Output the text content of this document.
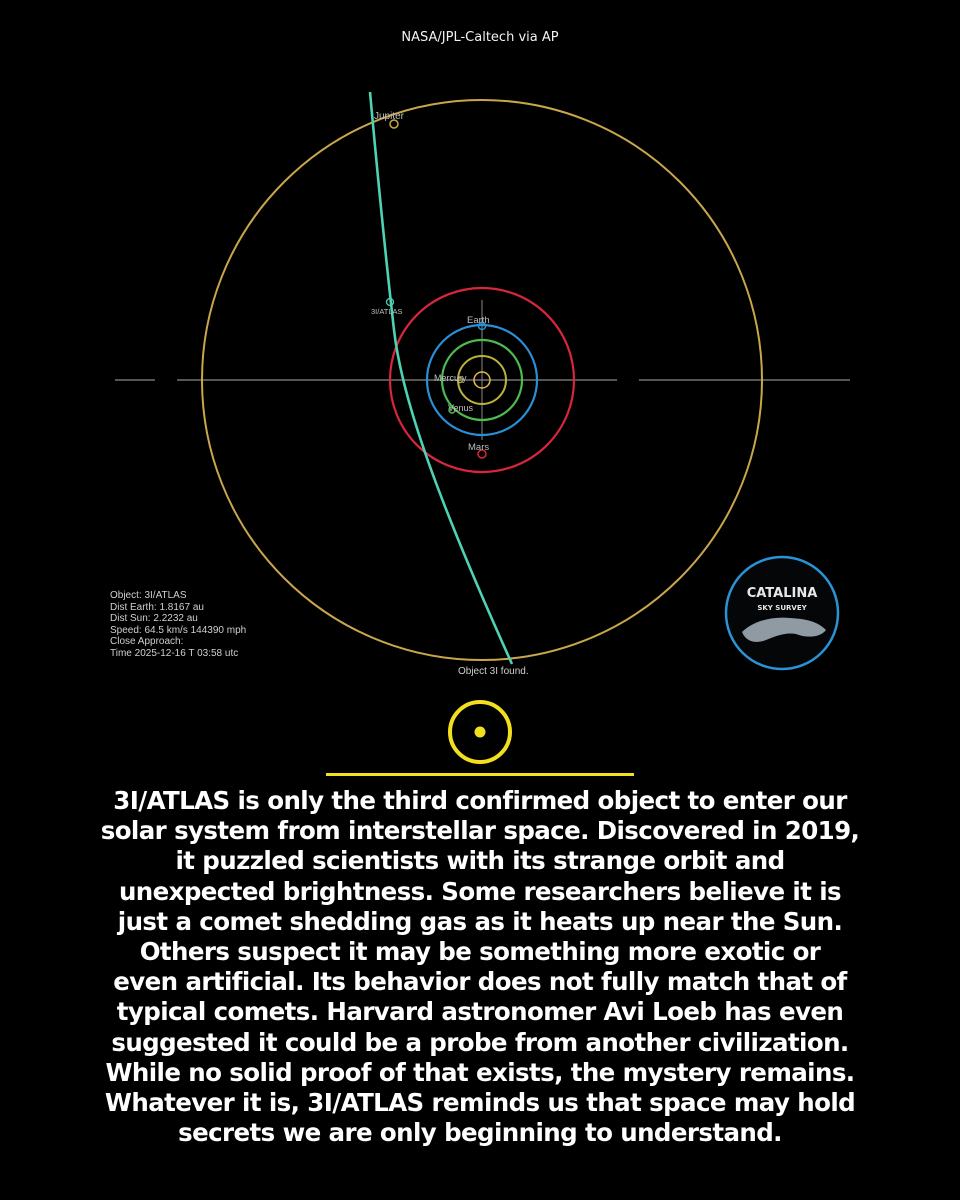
NASA/JPL-Caltech via AP
Jupiter
3I/ATLAS
Earth
Mercury
Venus
Mars
Object 3I found.
CATALINA
SKY SURVEY
Object: 3I/ATLAS
Dist Earth: 1.8167 au
Dist Sun: 2.2232 au
Speed: 64.5 km/s 144390 mph
Close Approach:
Time 2025-12-16 T 03:58 utc
3I/ATLAS is only the third confirmed object to enter our
solar system from interstellar space. Discovered in 2019,
it puzzled scientists with its strange orbit and
unexpected brightness. Some researchers believe it is
just a comet shedding gas as it heats up near the Sun.
Others suspect it may be something more exotic or
even artificial. Its behavior does not fully match that of
typical comets. Harvard astronomer Avi Loeb has even
suggested it could be a probe from another civilization.
While no solid proof of that exists, the mystery remains.
Whatever it is, 3I/ATLAS reminds us that space may hold
secrets we are only beginning to understand.
